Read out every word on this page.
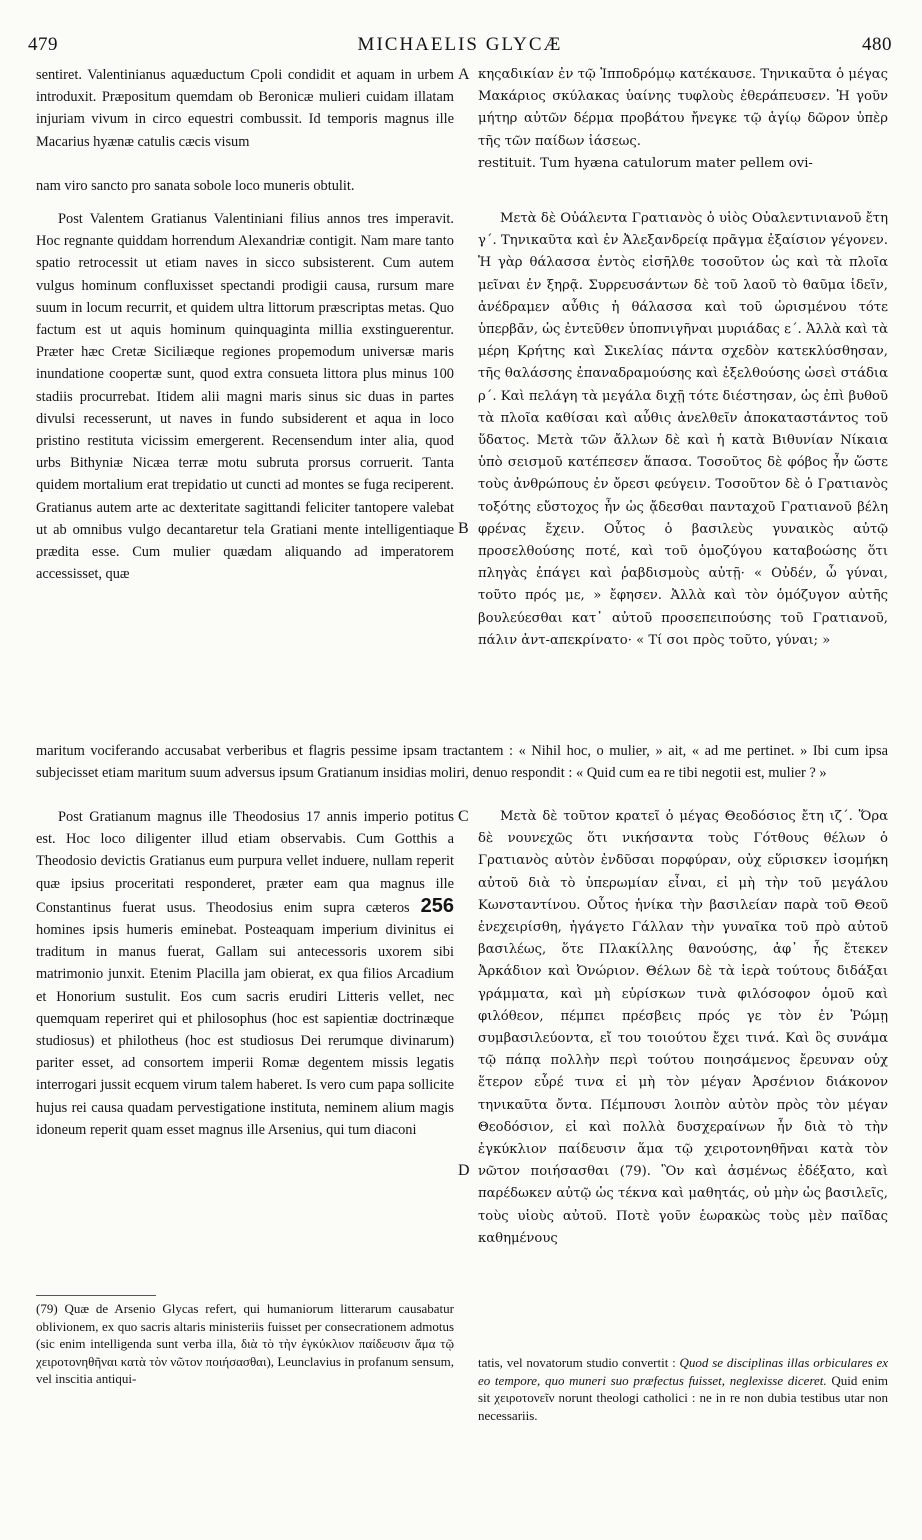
479	MICHAELIS GLYCÆ	480
sentiret. Valentinianus aquæductum Cpoli condidit et aquam in urbem introduxit. Præpositum quemdam ob Beronicæ mulieri cuidam illatam injuriam vivum in circo equestri combussit. Id temporis magnus ille Macarius hyænæ catulis cæcis visum
A κηςαδικίαν ἐν τῷ Ἱπποδρόμῳ κατέκαυσε. Τηνικαῦτα ὁ μέγας Μακάριος σκύλακας ὑαίνης τυφλοὺς ἐθεράπευσεν. Ἡ γοῦν μήτηρ αὐτῶν δέρμα προβάτου ἤνεγκε τῷ ἁγίῳ δῶρον ὑπὲρ τῆς τῶν παίδων ἰάσεως.
nam viro sancto pro sanata sobole loco muneris obtulit.
restituit. Tum hyæna catulorum mater pellem ovi-
Post Valentem Gratianus Valentiniani filius annos tres imperavit. Hoc regnante quiddam horrendum Alexandriæ contigit. Nam mare tanto spatio retrocessit ut etiam naves in sicco subsisterent. Cum autem vulgus hominum confluxisset spectandi prodigii causa, rursum mare suum in locum recurrit, et quidem ultra littorum præscriptas metas. Quo factum est ut aquis hominum quinquaginta millia exstinguerentur. Præter hæc Cretæ Siciliæque regiones propemodum universæ maris inundatione coopertæ sunt, quod extra consueta littora plus minus 100 stadiis procurrebat. Itidem alii magni maris sinus sic duas in partes divulsi recesserunt, ut naves in fundo subsiderent et aqua in loco pristino restituta vicissim emergerent. Recensendum inter alia, quod urbs Bithyniæ Nicæa terræ motu subruta prorsus corruerit. Tanta quidem mortalium erat trepidatio ut cuncti ad montes se fuga reciperent. Gratianus autem arte ac dexteritate sagittandi feliciter tantopere valebat ut ab omnibus vulgo decantaretur tela Gratiani mente intelligentiaque prædita esse. Cum mulier quædam aliquando ad imperatorem accessisset, quæ
B
Μετὰ δὲ Οὐάλεντα Γρατιανὸς ὁ υἱὸς Οὐαλεντινιανοῦ ἔτη γ΄. Τηνικαῦτα καὶ ἐν Ἀλεξανδρείᾳ πρᾶγμα ἐξαίσιον γέγονεν. Ἡ γὰρ θάλασσα ἐντὸς εἰσῆλθε τοσοῦτον ὡς καὶ τὰ πλοῖα μεῖναι ἐν ξηρᾷ. Συρρευσάντων δὲ τοῦ λαοῦ τὸ θαῦμα ἰδεῖν, ἀνέδραμεν αὖθις ἡ θάλασσα καὶ τοῦ ὡρισμένου τότε ὑπερβᾶν, ὡς ἐντεῦθεν ὑποπνιγῆναι μυριάδας ε΄. Ἀλλὰ καὶ τὰ μέρη Κρήτης καὶ Σικελίας πάντα σχεδὸν κατεκλύσθησαν, τῆς θαλάσσης ἐπαναδραμούσης καὶ ἐξελθούσης ὡσεὶ στάδια ρ΄. Καὶ πελάγη τὰ μεγάλα διχῇ τότε διέστησαν, ὡς ἐπὶ βυθοῦ τὰ πλοῖα καθίσαι καὶ αὖθις ἀνελθεῖν ἀποκαταστάντος τοῦ ὕδατος. Μετὰ τῶν ἄλλων δὲ καὶ ἡ κατὰ Βιθυνίαν Νίκαια ὑπὸ σεισμοῦ κατέπεσεν ἅπασα. Τοσοῦτος δὲ φόβος ἦν ὥστε τοὺς ἀνθρώπους ἐν ὄρεσι φεύγειν. Τοσοῦτον δὲ ὁ Γρατιανὸς τοξότης εὔστοχος ἦν ὡς ᾄδεσθαι πανταχοῦ Γρατιανοῦ βέλη φρένας ἔχειν. Οὗτος ὁ βασιλεὺς γυναικὸς αὐτῷ προσελθούσης ποτέ, καὶ τοῦ ὁμοζύγου καταβοώσης ὅτι πληγὰς ἐπάγει καὶ ῥαβδισμοὺς αὐτῇ· « Οὐδέν, ὦ γύναι, τοῦτο πρός με, » ἔφησεν. Ἀλλὰ καὶ τὸν ὁμόζυγον αὐτῆς βουλεύεσθαι κατ᾿ αὐτοῦ προσεπειπούσης τοῦ Γρατιανοῦ, πάλιν ἀντ-απεκρίνατο· « Τί σοι πρὸς τοῦτο, γύναι; »
maritum vociferando accusabat verberibus et flagris pessime ipsam tractantem : « Nihil hoc, o mulier, » ait, « ad me pertinet. » Ibi cum ipsa subjecisset etiam maritum suum adversus ipsum Gratianum insidias moliri, denuo respondit : « Quid cum ea re tibi negotii est, mulier ? »
Post Gratianum magnus ille Theodosius 17 annis imperio potitus est. Hoc loco diligenter illud etiam observabis. Cum Gotthis a Theodosio devictis Gratianus eum purpura vellet induere, nullam reperit quæ ipsius proceritati responderet, præter eam qua magnus ille Constantinus fuerat usus. Theodosius enim supra cæteros 256 homines ipsis humeris eminebat. Posteaquam imperium divinitus ei traditum in manus fuerat, Gallam sui antecessoris uxorem sibi matrimonio junxit. Etenim Placilla jam obierat, ex qua filios Arcadium et Honorium sustulit. Eos cum sacris erudiri Litteris vellet, nec quemquam reperiret qui et philosophus (hoc est sapientiæ doctrinæque studiosus) et philotheus (hoc est studiosus Dei rerumque divinarum) pariter esset, ad consortem imperii Romæ degentem missis legatis interrogari jussit ecquem virum talem haberet. Is vero cum papa sollicite hujus rei causa quadam pervestigatione instituta, neminem alium magis idoneum reperit quam esset magnus ille Arsenius, qui tum diaconi
C
D
Μετὰ δὲ τοῦτον κρατεῖ ὁ μέγας Θεοδόσιος ἔτη ιζ΄. Ὅρα δὲ νουνεχῶς ὅτι νικήσαντα τοὺς Γότθους θέλων ὁ Γρατιανὸς αὐτὸν ἐνδῦσαι πορφύραν, οὐχ εὕρισκεν ἰσομήκη αὐτοῦ διὰ τὸ ὑπερωμίαν εἶναι, εἰ μὴ τὴν τοῦ μεγάλου Κωνσταντίνου. Οὗτος ἡνίκα τὴν βασιλείαν παρὰ τοῦ Θεοῦ ἐνεχειρίσθη, ἠγάγετο Γάλλαν τὴν γυναῖκα τοῦ πρὸ αὐτοῦ βασιλέως, ὅτε Πλακίλλης θανούσης, ἀφ᾿ ἧς ἔτεκεν Ἀρκάδιον καὶ Ὀνώριον. Θέλων δὲ τὰ ἱερὰ τούτους διδάξαι γράμματα, καὶ μὴ εὑρίσκων τινὰ φιλόσοφον ὁμοῦ καὶ φιλόθεον, πέμπει πρέσβεις πρός γε τὸν ἐν Ῥώμῃ συμβασιλεύοντα, εἴ του τοιούτου ἔχει τινά. Καὶ ὃς συνάμα τῷ πάπᾳ πολλὴν περὶ τούτου ποιησάμενος ἔρευναν οὐχ ἕτερον εὗρέ τινα εἰ μὴ τὸν μέγαν Ἀρσένιον διάκονον τηνικαῦτα ὄντα. Πέμπουσι λοιπὸν αὐτὸν πρὸς τὸν μέγαν Θεοδόσιον, εἰ καὶ πολλὰ δυσχεραίνων ἦν διὰ τὸ τὴν ἐγκύκλιον παίδευσιν ἅμα τῷ χειροτονηθῆναι κατὰ τὸν νῶτον ποιήσασθαι (79). Ὃν καὶ ἀσμένως ἐδέξατο, καὶ παρέδωκεν αὐτῷ ὡς τέκνα καὶ μαθητάς, οὐ μὴν ὡς βασιλεῖς, τοὺς υἱοὺς αὐτοῦ. Ποτὲ γοῦν ἑωρακὼς τοὺς μὲν παῖδας καθημένους
(79) Quæ de Arsenio Glycas refert, qui humaniorum litterarum causabatur oblivionem, ex quo sacris altaris ministeriis fuisset per consecrationem admotus (sic enim intelligenda sunt verba illa, διὰ τὸ τὴν ἐγκύκλιον παίδευσιν ἅμα τῷ χειροτονηθῆναι κατὰ τὸν νῶτον ποιήσασθαι), Leunclavius in profanum sensum, vel inscitia antiqui-
tatis, vel novatorum studio convertit : Quod se disciplinas illas orbiculares ex eo tempore, quo muneri suo præfectus fuisset, neglexisse diceret. Quid enim sit χειροτονεῖν norunt theologi catholici : ne in re non dubia testibus utar non necessariis.
